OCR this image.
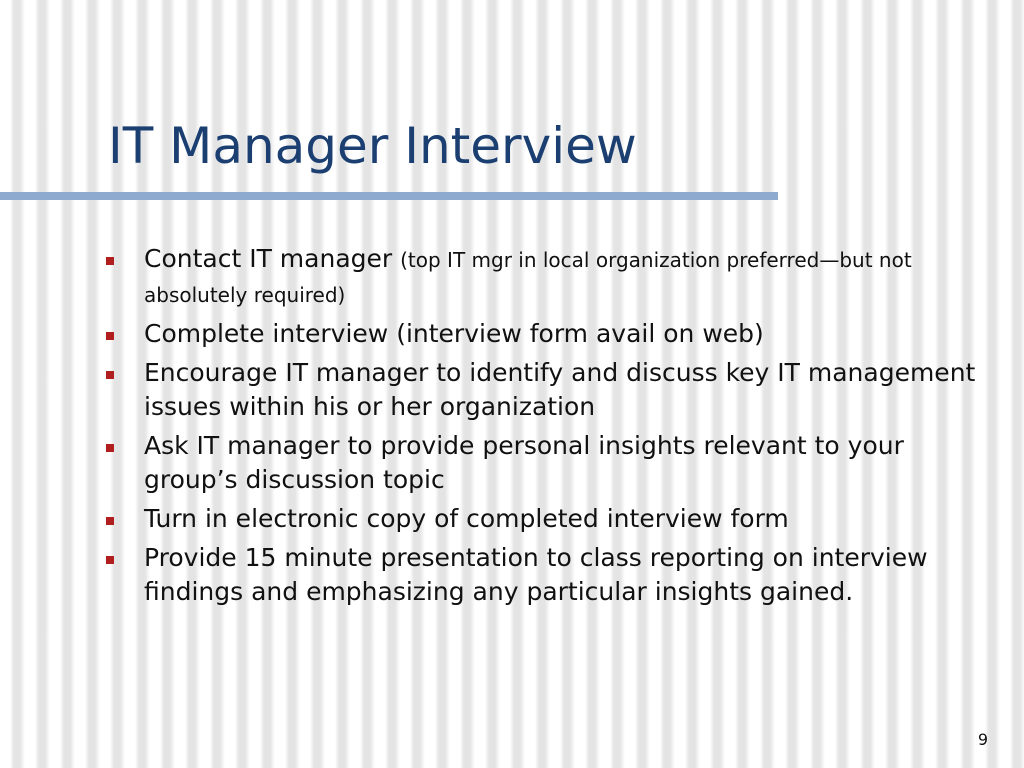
IT Manager Interview
Contact IT manager (top IT mgr in local organization preferred—but not absolutely required)
Complete interview (interview form avail on web)
Encourage IT manager to identify and discuss key IT management issues within his or her organization
Ask IT manager to provide personal insights relevant to your group’s discussion topic
Turn in electronic copy of completed interview form
Provide 15 minute presentation to class reporting on interview findings and emphasizing any particular insights gained.
9
